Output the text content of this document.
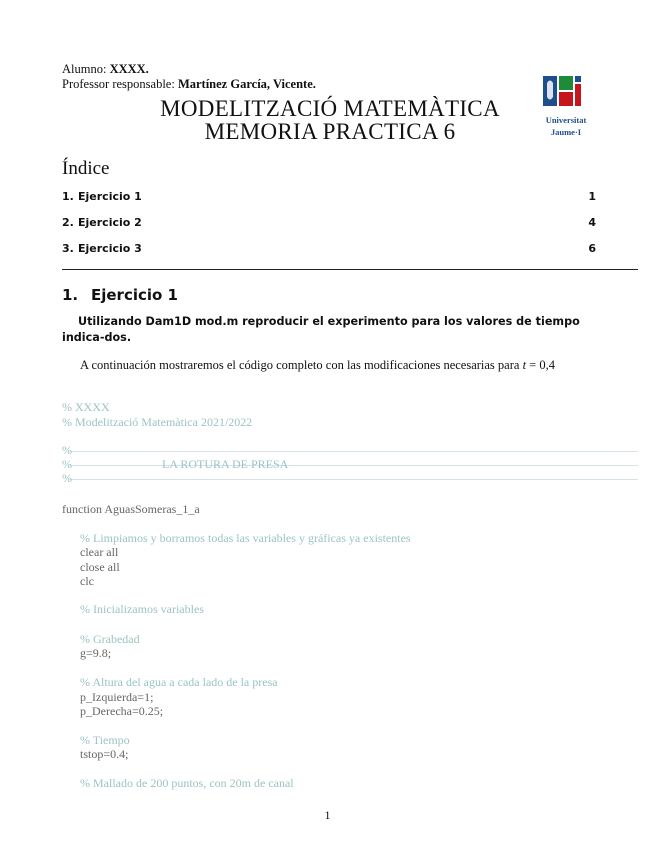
Alumno: XXXX.
Professor responsable: Martínez García, Vicente.
MODELITZACIÓ MATEMÀTICA
MEMORIA PRACTICA 6	Universitat
Jaume·I
Índice
1. Ejercicio 1	1
2. Ejercicio 2	4
3. Ejercicio 3	6
1. Ejercicio 1
Utilizando Dam1D mod.m reproducir el experimento para los valores de tiempo indica-dos.
A continuación mostraremos el código completo con las modificaciones necesarias para t = 0,4
% XXXX
% Modelització Matemàtica 2021/2022
%
%	LA ROTURA DE PRESA
%
function AguasSomeras_1_a
% Limpiamos y borramos todas las variables y gráficas ya existentes
clear all
close all
clc
% Inicializamos variables
% Grabedad
g=9.8;
% Altura del agua a cada lado de la presa
p_Izquierda=1;
p_Derecha=0.25;
% Tiempo
tstop=0.4;
% Mallado de 200 puntos, con 20m de canal
1
